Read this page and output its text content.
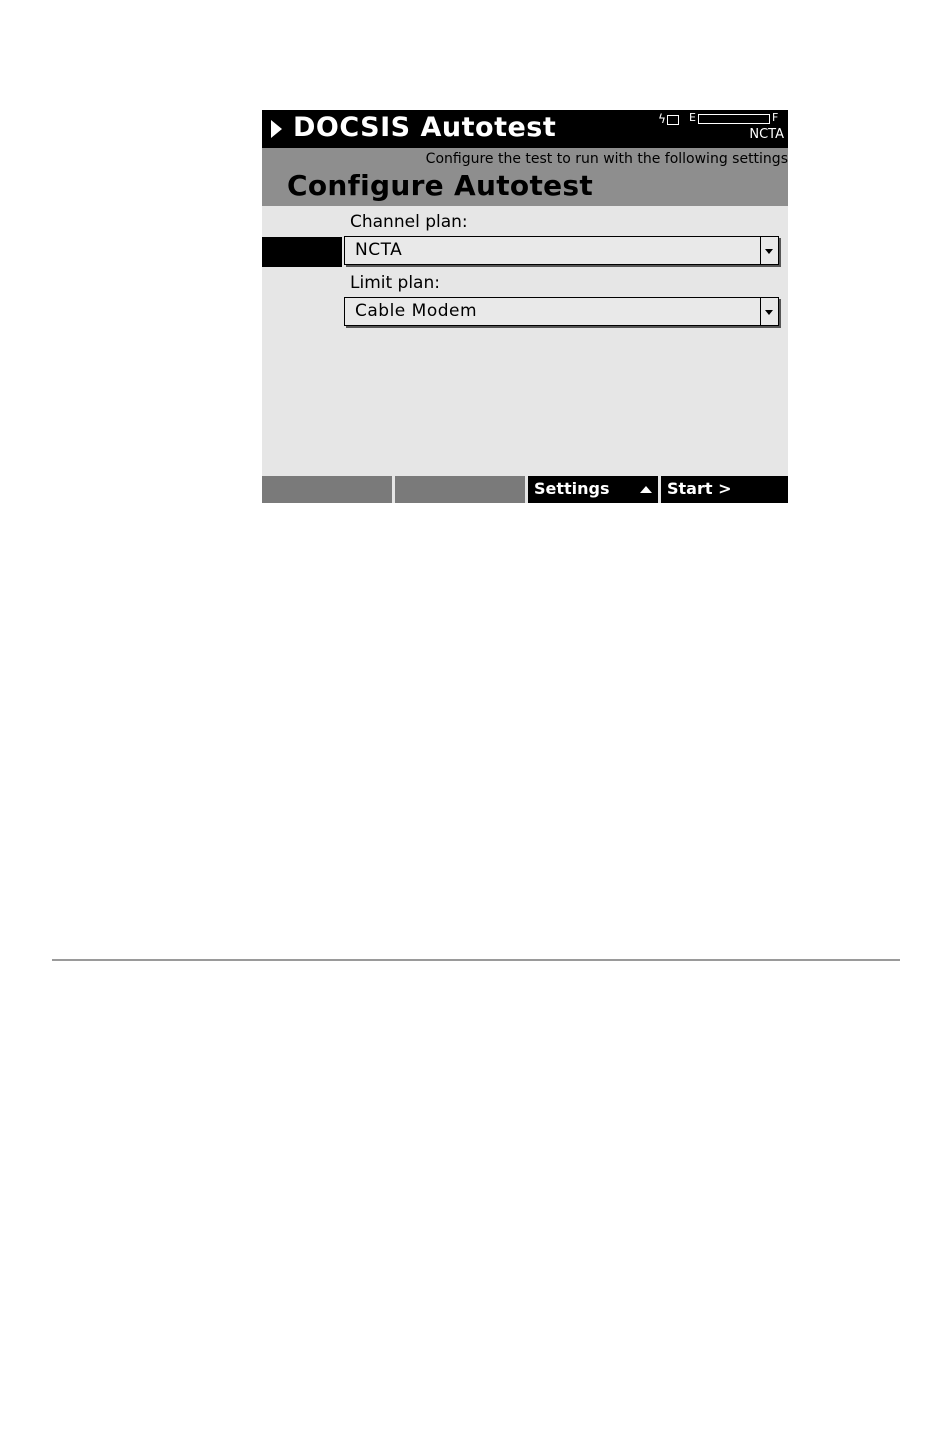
DOCSIS Autotest	ϟ	E	F
NCTA
Configure the test to run with the following settings
Configure Autotest
Channel plan:
NCTA
Limit plan:
Cable Modem
Settings	Start >
